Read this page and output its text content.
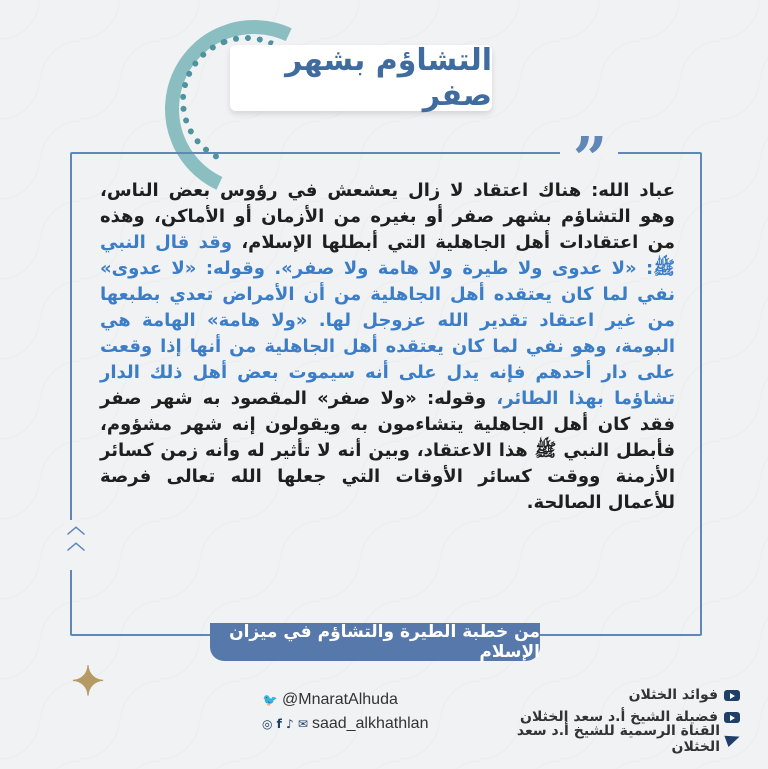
التشاؤم بشهر صفر
”
︿
︿
عباد الله: هناك اعتقاد لا زال يعشعش في رؤوس بعض الناس، وهو التشاؤم بشهر صفر أو بغيره من الأزمان أو الأماكن، وهذه من اعتقادات أهل الجاهلية التي أبطلها الإسلام، وقد قال النبي ﷺ: «لا عدوى ولا طيرة ولا هامة ولا صفر». وقوله: «لا عدوى» نفي لما كان يعتقده أهل الجاهلية من أن الأمراض تعدي بطبعها من غير اعتقاد تقدير الله عزوجل لها. «ولا هامة» الهامة هي البومة، وهو نفي لما كان يعتقده أهل الجاهلية من أنها إذا وقعت على دار أحدهم فإنه يدل على أنه سيموت بعض أهل ذلك الدار تشاؤما بهذا الطائر، وقوله: «ولا صفر» المقصود به شهر صفر فقد كان أهل الجاهلية يتشاءمون به ويقولون إنه شهر مشؤوم، فأبطل النبي ﷺ هذا الاعتقاد، وبين أنه لا تأثير له وأنه زمن كسائر الأزمنة ووقت كسائر الأوقات التي جعلها الله تعالى فرصة للأعمال الصالحة.
من خطبة الطيرة والتشاؤم في ميزان الإسلام
✦	🐦 @MnaratAlhuda
◎ f ♪ ✉ saad_alkhathlan
فوائد الخثلان
فضيلة الشيخ أ.د سعد الخثلان
القناة الرسمية للشيخ أ.د سعد الخثلان
